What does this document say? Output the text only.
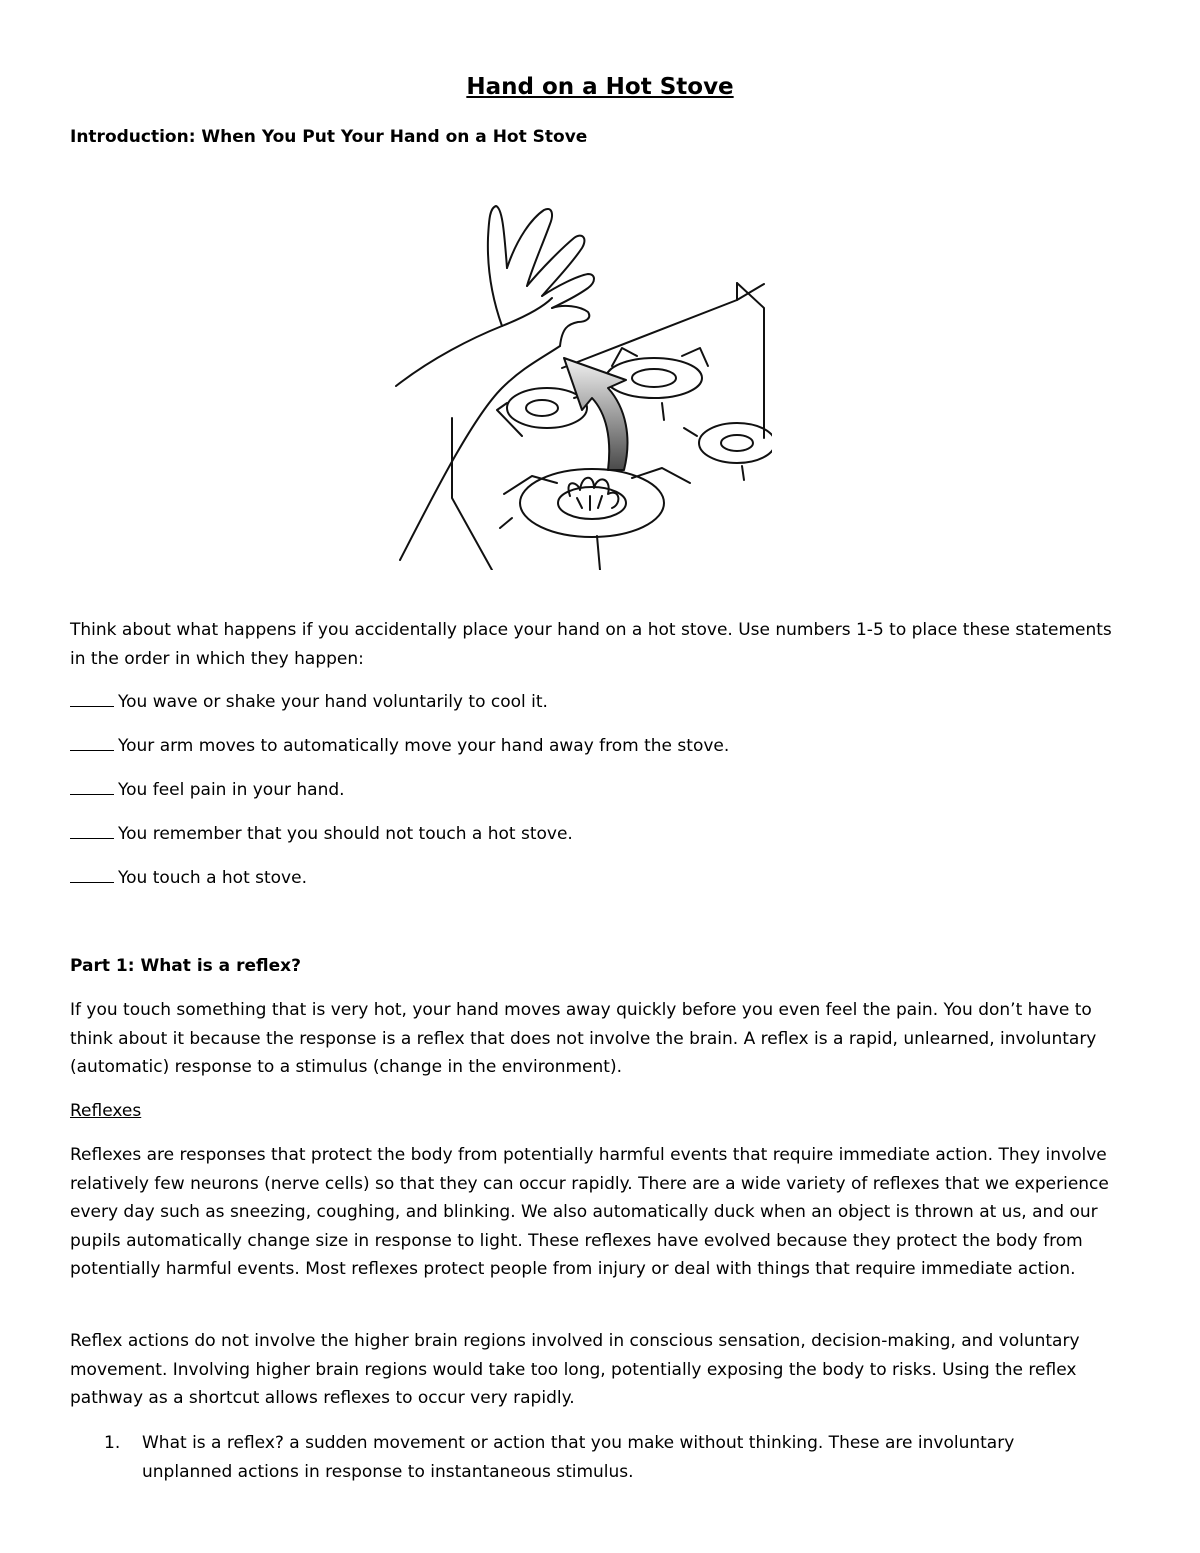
Hand on a Hot Stove
Introduction: When You Put Your Hand on a Hot Stove
Think about what happens if you accidentally place your hand on a hot stove. Use numbers 1-5 to place these statements in the order in which they happen:
You wave or shake your hand voluntarily to cool it.
Your arm moves to automatically move your hand away from the stove.
You feel pain in your hand.
You remember that you should not touch a hot stove.
You touch a hot stove.
Part 1: What is a reflex?
If you touch something that is very hot, your hand moves away quickly before you even feel the pain. You don’t have to think about it because the response is a reflex that does not involve the brain. A reflex is a rapid, unlearned, involuntary (automatic) response to a stimulus (change in the environment).
Reflexes
Reflexes are responses that protect the body from potentially harmful events that require immediate action. They involve relatively few neurons (nerve cells) so that they can occur rapidly. There are a wide variety of reflexes that we experience every day such as sneezing, coughing, and blinking. We also automatically duck when an object is thrown at us, and our pupils automatically change size in response to light. These reflexes have evolved because they protect the body from potentially harmful events. Most reflexes protect people from injury or deal with things that require immediate action.
Reflex actions do not involve the higher brain regions involved in conscious sensation, decision-making, and voluntary movement. Involving higher brain regions would take too long, potentially exposing the body to risks. Using the reflex pathway as a shortcut allows reflexes to occur very rapidly.
1. What is a reflex? a sudden movement or action that you make without thinking. These are involuntary unplanned actions in response to instantaneous stimulus.
